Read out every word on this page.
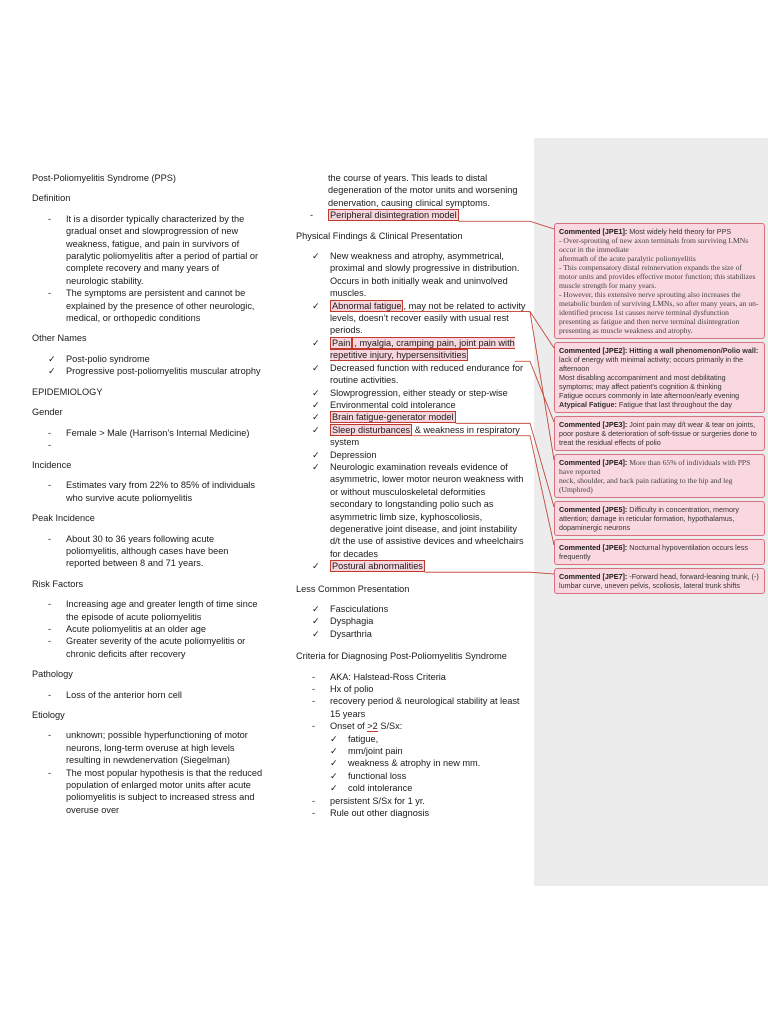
Post-Poliomyelitis Syndrome (PPS)
Definition
-	It is a disorder typically characterized by the gradual onset and slowprogression of new weakness, fatigue, and pain in survivors of paralytic poliomyelitis after a period of partial or complete recovery and many years of neurologic stability.
-	The symptoms are persistent and cannot be explained by the presence of other neurologic, medical, or orthopedic conditions
Other Names
✓	Post-polio syndrome
✓	Progressive post-poliomyelitis muscular atrophy
EPIDEMIOLOGY
Gender
-	Female > Male (Harrison’s Internal Medicine)
-
Incidence
-	Estimates vary from 22% to 85% of individuals who survive acute poliomyelitis
Peak Incidence
-	About 30 to 36 years following acute poliomyelitis, although cases have been reported between 8 and 71 years.
Risk Factors
-	Increasing age and greater length of time since the episode of acute poliomyelitis
-	Acute poliomyelitis at an older age
-	Greater severity of the acute poliomyelitis or chronic deficits after recovery
Pathology
-	Loss of the anterior horn cell
Etiology
-	unknown; possible hyperfunctioning of motor neurons, long-term overuse at high levels resulting in newdenervation (Siegelman)
-	The most popular hypothesis is that the reduced population of enlarged motor units after acute poliomyelitis is subject to increased stress and overuse over
the course of years. This leads to distal degeneration of the motor units and worsening denervation, causing clinical symptoms.
-	Peripheral disintegration model
Physical Findings & Clinical Presentation
✓	New weakness and atrophy, asymmetrical, proximal and slowly progressive in distribution. Occurs in both initially weak and uninvolved muscles.
✓	Abnormal fatigue , may not be related to activity levels, doesn’t recover easily with usual rest periods.
✓	Pain , myalgia, cramping pain, joint pain with repetitive injury, hypersensitivities
✓	Decreased function with reduced endurance for routine activities.
✓	Slowprogression, either steady or step-wise
✓	Environmental cold intolerance
✓	Brain fatigue-generator model
✓	Sleep disturbances & weakness in respiratory system
✓	Depression
✓	Neurologic examination reveals evidence of asymmetric, lower motor neuron weakness with or without musculoskeletal deformities secondary to longstanding polio such as asymmetric limb size, kyphoscoliosis, degenerative joint disease, and joint instability d/t the use of assistive devices and wheelchairs for decades
✓	Postural abnormalities
Less Common Presentation
✓	Fasciculations
✓	Dysphagia
✓	Dysarthria
Criteria for Diagnosing Post-Poliomyelitis Syndrome
-	AKA: Halstead-Ross Criteria
-	Hx of polio
-	recovery period & neurological stability at least 15 years
-	Onset of >2 S/Sx:
✓	fatigue,
✓	mm/joint pain
✓	weakness & atrophy in new mm.
✓	functional loss
✓	cold intolerance
-	persistent S/Sx for 1 yr.
-	Rule out other diagnosis
Commented [JPE1]: Most widely held theory for PPS
- Over-sprouting of new axon terminals from surviving LMNs occur in the immediate
aftermath of the acute paralytic poliomyelitis
- This compensatory distal reinnervation expands the size of motor units and provides effective motor function; this stabilizes muscle strength for many years.
- However, this extensive nerve sprouting also increases the metabolic burden of surviving LMNs, so after many years, an un-identified process 1st causes nerve terminal dysfunction presenting as fatigue and then nerve terminal disintegration presenting as muscle weakness and atrophy.
Commented [JPE2]: Hitting a wall phenomenon/Polio wall: lack of energy with minimal activity; occurs primarily in the afternoon
Most disabling accompaniment and most debilitating symptoms; may affect patient's cognition & thinking
Fatigue occurs commonly in late afternoon/early evening
Atypical Fatigue: Fatigue that last throughout the day
Commented [JPE3]: Joint pain may d/t wear & tear on joints, poor posture & deterioration of soft-tissue or surgeries done to treat the residual effects of polio
Commented [JPE4]: More than 65% of individuals with PPS have reported
neck, shoulder, and back pain radiating to the hip and leg (Umphred)
Commented [JPE5]: Difficulty in concentration, memory attention; damage in reticular formation, hypothalamus, dopaminergic neurons
Commented [JPE6]: Nocturnal hypoventilation occurs less frequently
Commented [JPE7]: -Forward head, forward-leaning trunk, (-) lumbar curve, uneven pelvis, scoliosis, lateral trunk shifts
